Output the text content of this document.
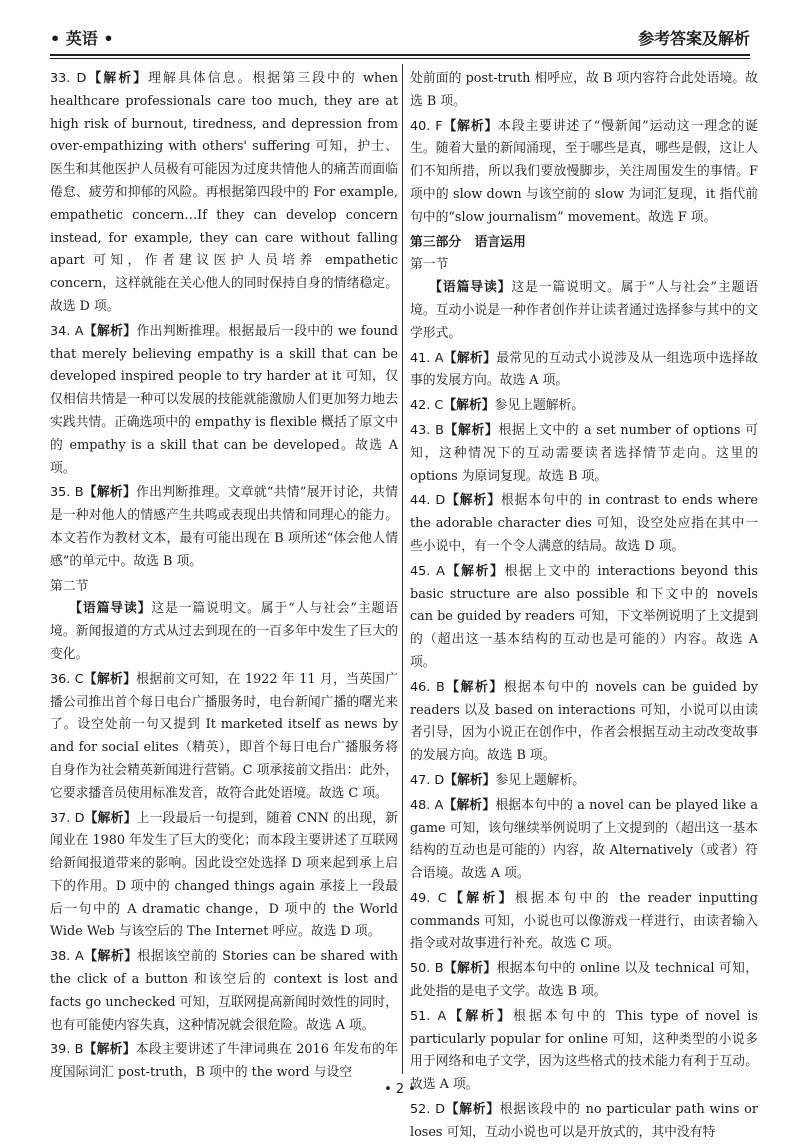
• 英语 •	参考答案及解析

33. D【解析】理解具体信息。根据第三段中的 when healthcare professionals care too much, they are at high risk of burnout, tiredness, and depression from over-empathizing with others' suffering 可知，护士、医生和其他医护人员极有可能因为过度共情他人的痛苦而面临倦怠、疲劳和抑郁的风险。再根据第四段中的 For example, empathetic concern…If they can develop concern instead, for example, they can care without falling apart 可知，作者建议医护人员培养 empathetic concern，这样就能在关心他人的同时保持自身的情绪稳定。故选 D 项。

34. A【解析】作出判断推理。根据最后一段中的 we found that merely believing empathy is a skill that can be developed inspired people to try harder at it 可知，仅仅相信共情是一种可以发展的技能就能激励人们更加努力地去实践共情。正确选项中的 empathy is flexible 概括了原文中的 empathy is a skill that can be developed。故选 A 项。

35. B【解析】作出判断推理。文章就“共情”展开讨论，共情是一种对他人的情感产生共鸣或表现出共情和同理心的能力。本文若作为教材文本，最有可能出现在 B 项所述“体会他人情感”的单元中。故选 B 项。

第二节

【语篇导读】这是一篇说明文。属于“人与社会”主题语境。新闻报道的方式从过去到现在的一百多年中发生了巨大的变化。

36. C【解析】根据前文可知，在 1922 年 11 月，当英国广播公司推出首个每日电台广播服务时，电台新闻广播的曙光来了。设空处前一句又提到 It marketed itself as news by and for social elites（精英），即首个每日电台广播服务将自身作为社会精英新闻进行营销。C 项承接前文指出：此外，它要求播音员使用标准发音，故符合此处语境。故选 C 项。

37. D【解析】上一段最后一句提到，随着 CNN 的出现，新闻业在 1980 年发生了巨大的变化；而本段主要讲述了互联网给新闻报道带来的影响。因此设空处选择 D 项来起到承上启下的作用。D 项中的 changed things again 承接上一段最后一句中的 A dramatic change，D 项中的 the World Wide Web 与该空后的 The Internet 呼应。故选 D 项。

38. A【解析】根据该空前的 Stories can be shared with the click of a button 和该空后的 context is lost and facts go unchecked 可知，互联网提高新闻时效性的同时，也有可能使内容失真，这种情况就会很危险。故选 A 项。

39. B【解析】本段主要讲述了牛津词典在 2016 年发布的年度国际词汇 post-truth，B 项中的 the word 与设空

处前面的 post-truth 相呼应，故 B 项内容符合此处语境。故选 B 项。

40. F【解析】本段主要讲述了“慢新闻”运动这一理念的诞生。随着大量的新闻涌现，至于哪些是真，哪些是假，这让人们不知所措，所以我们要放慢脚步，关注周围发生的事情。F 项中的 slow down 与该空前的 slow 为词汇复现，it 指代前句中的“slow journalism” movement。故选 F 项。

第三部分 语言运用

第一节

【语篇导读】这是一篇说明文。属于“人与社会”主题语境。互动小说是一种作者创作并让读者通过选择参与其中的文学形式。

41. A【解析】最常见的互动式小说涉及从一组选项中选择故事的发展方向。故选 A 项。

42. C【解析】参见上题解析。

43. B【解析】根据上文中的 a set number of options 可知，这种情况下的互动需要读者选择情节走向。这里的 options 为原词复现。故选 B 项。

44. D【解析】根据本句中的 in contrast to ends where the adorable character dies 可知，设空处应指在其中一些小说中，有一个令人满意的结局。故选 D 项。

45. A【解析】根据上文中的 interactions beyond this basic structure are also possible 和下文中的 novels can be guided by readers 可知，下文举例说明了上文提到的（超出这一基本结构的互动也是可能的）内容。故选 A 项。

46. B【解析】根据本句中的 novels can be guided by readers 以及 based on interactions 可知，小说可以由读者引导，因为小说正在创作中，作者会根据互动主动改变故事的发展方向。故选 B 项。

47. D【解析】参见上题解析。

48. A【解析】根据本句中的 a novel can be played like a game 可知，该句继续举例说明了上文提到的（超出这一基本结构的互动也是可能的）内容，故 Alternatively（或者）符合语境。故选 A 项。

49. C【解析】根据本句中的 the reader inputting commands 可知，小说也可以像游戏一样进行，由读者输入指令或对故事进行补充。故选 C 项。

50. B【解析】根据本句中的 online 以及 technical 可知，此处指的是电子文学。故选 B 项。

51. A【解析】根据本句中的 This type of novel is particularly popular for online 可知，这种类型的小说多用于网络和电子文学，因为这些格式的技术能力有利于互动。故选 A 项。

52. D【解析】根据该段中的 no particular path wins or loses 可知，互动小说也可以是开放式的，其中没有特

• 2 •
